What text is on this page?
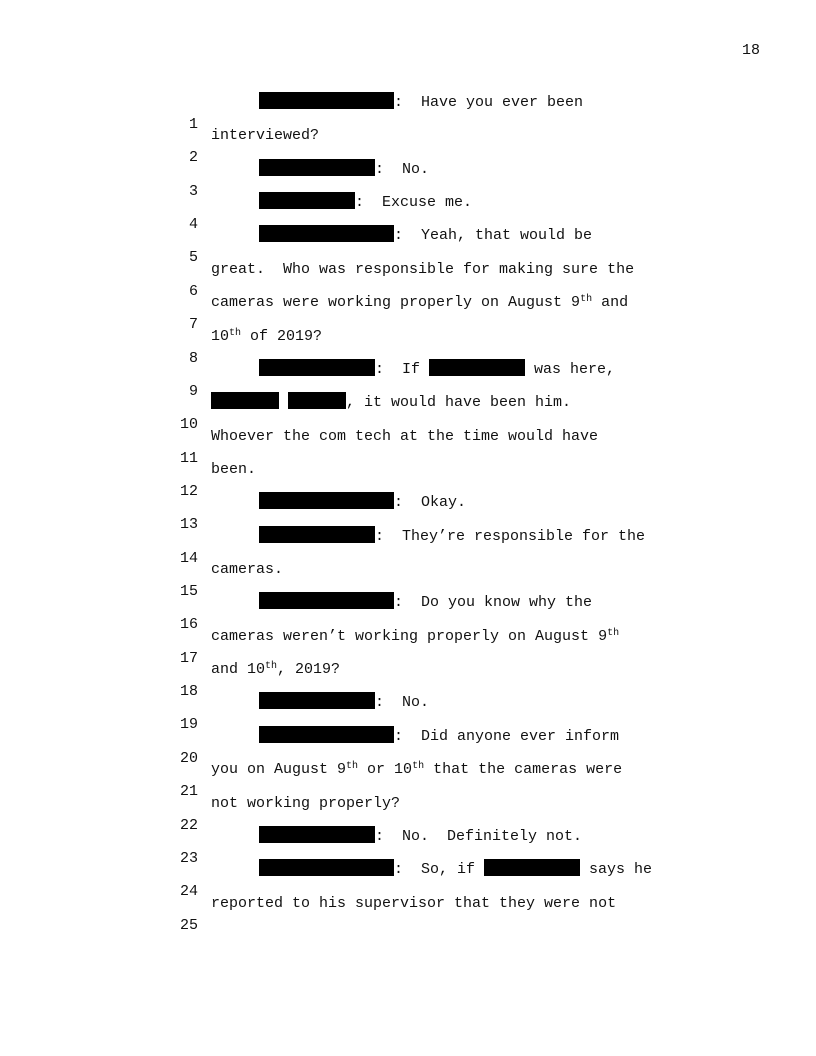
18

1

:  Have you ever been

2

interviewed?

3

:  No.

4

:  Excuse me.

5

:  Yeah, that would be

6

great.  Who was responsible for making sure the

7

cameras were working properly on August 9th and

8

10th of 2019?

9

:  If	was here,

10

, it would have been him.

11

Whoever the com tech at the time would have

12

been.

13

:  Okay.

14

:  They’re responsible for the

15

cameras.

16

:  Do you know why the

17

cameras weren’t working properly on August 9th

18

and 10th, 2019?

19

:  No.

20

:  Did anyone ever inform

21

you on August 9th or 10th that the cameras were

22

not working properly?

23

:  No.  Definitely not.

24

:  So, if	says he

25

reported to his supervisor that they were not
